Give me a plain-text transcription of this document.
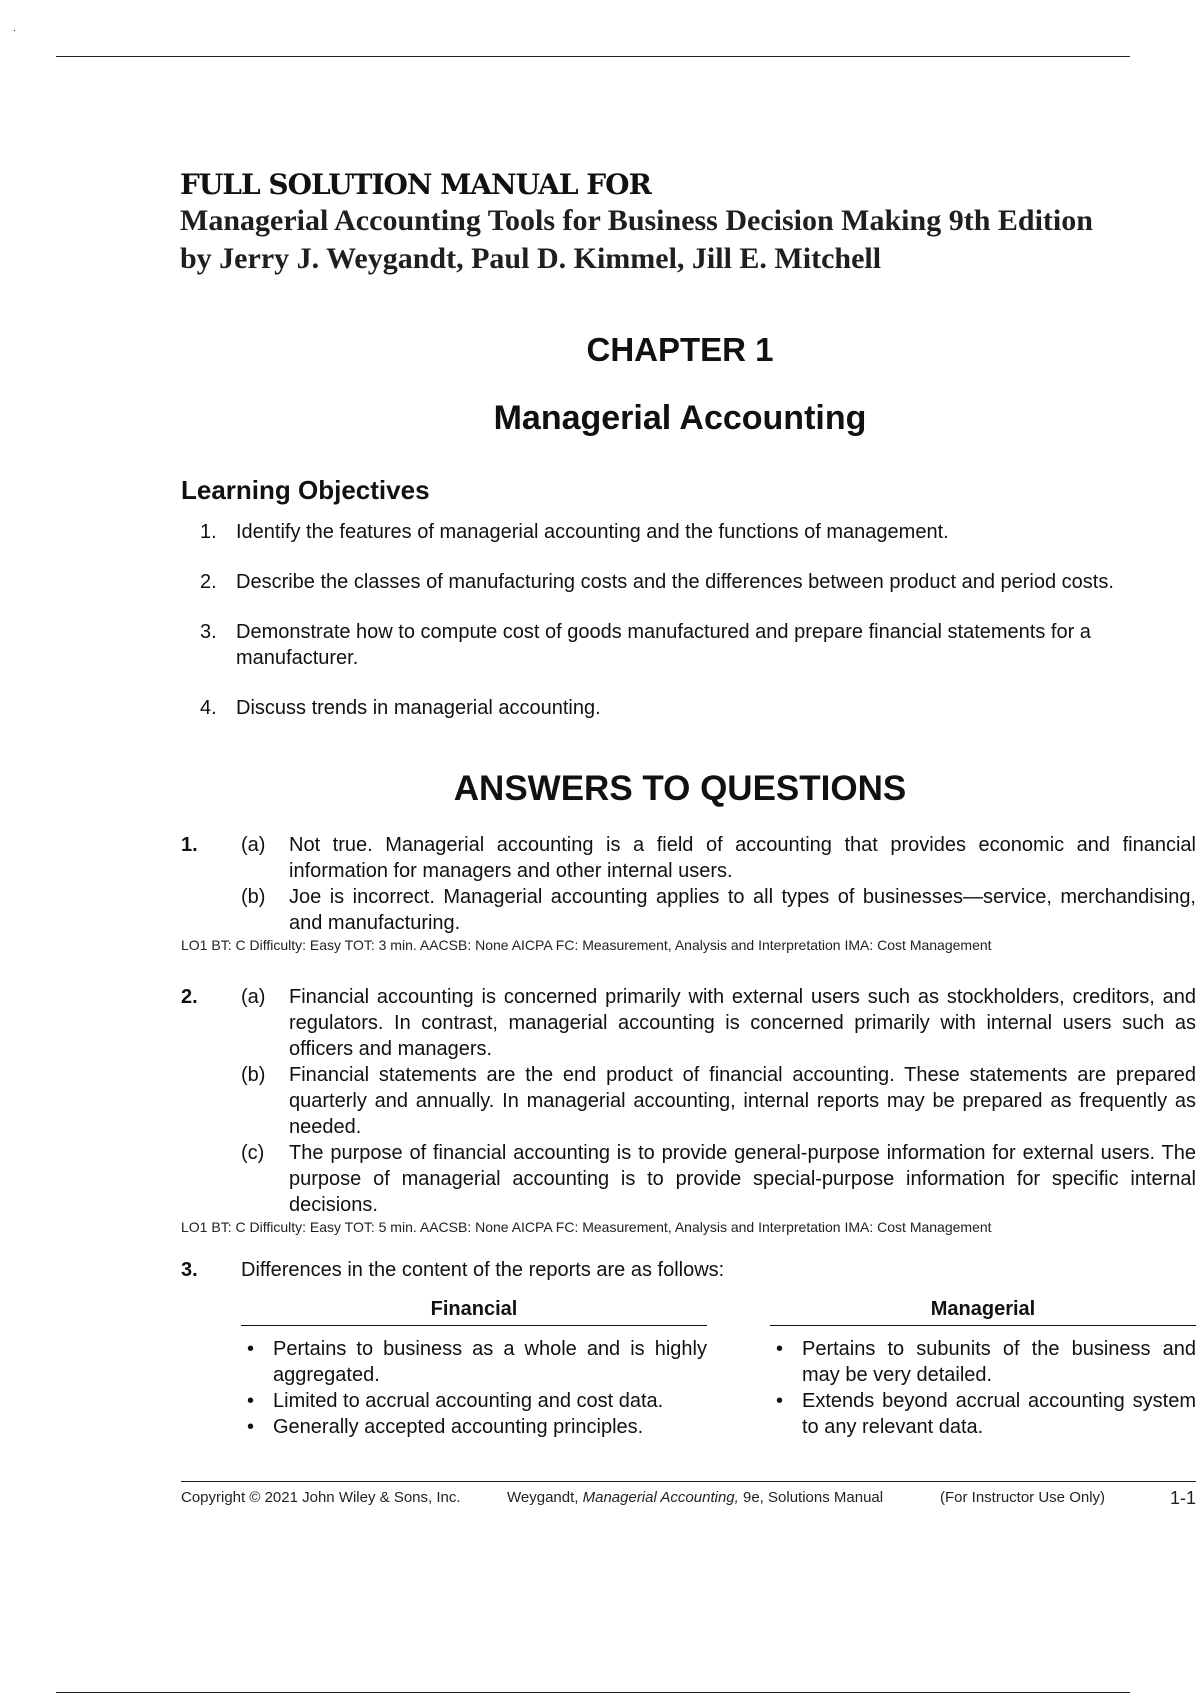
.
FULL SOLUTION MANUAL FOR
Managerial Accounting Tools for Business Decision Making 9th Edition
by Jerry J. Weygandt, Paul D. Kimmel, Jill E. Mitchell
CHAPTER 1
Managerial Accounting
Learning Objectives
1. Identify the features of managerial accounting and the functions of management.
2. Describe the classes of manufacturing costs and the differences between product and period costs.
3. Demonstrate how to compute cost of goods manufactured and prepare financial statements for a manufacturer.
4. Discuss trends in managerial accounting.
ANSWERS TO QUESTIONS
1.	(a)	Not true. Managerial accounting is a field of accounting that provides economic and financial information for managers and other internal users.
(b)	Joe is incorrect. Managerial accounting applies to all types of businesses—service, merchandising, and manufacturing.
LO1 BT: C Difficulty: Easy TOT: 3 min. AACSB: None AICPA FC: Measurement, Analysis and Interpretation IMA: Cost Management
2.	(a)	Financial accounting is concerned primarily with external users such as stockholders, creditors, and regulators. In contrast, managerial accounting is concerned primarily with internal users such as officers and managers.
(b)	Financial statements are the end product of financial accounting. These statements are prepared quarterly and annually. In managerial accounting, internal reports may be prepared as frequently as needed.
(c)	The purpose of financial accounting is to provide general-purpose information for external users. The purpose of managerial accounting is to provide special-purpose information for specific internal decisions.
LO1 BT: C Difficulty: Easy TOT: 5 min. AACSB: None AICPA FC: Measurement, Analysis and Interpretation IMA: Cost Management
3.	Differences in the content of the reports are as follows:
Financial
• Pertains to business as a whole and is highly aggregated.
• Limited to accrual accounting and cost data.
• Generally accepted accounting principles.
Managerial
• Pertains to subunits of the business and may be very detailed.
• Extends beyond accrual accounting system to any relevant data.
Copyright © 2021 John Wiley & Sons, Inc.	Weygandt, Managerial Accounting, 9e, Solutions Manual	(For Instructor Use Only)	1-1
